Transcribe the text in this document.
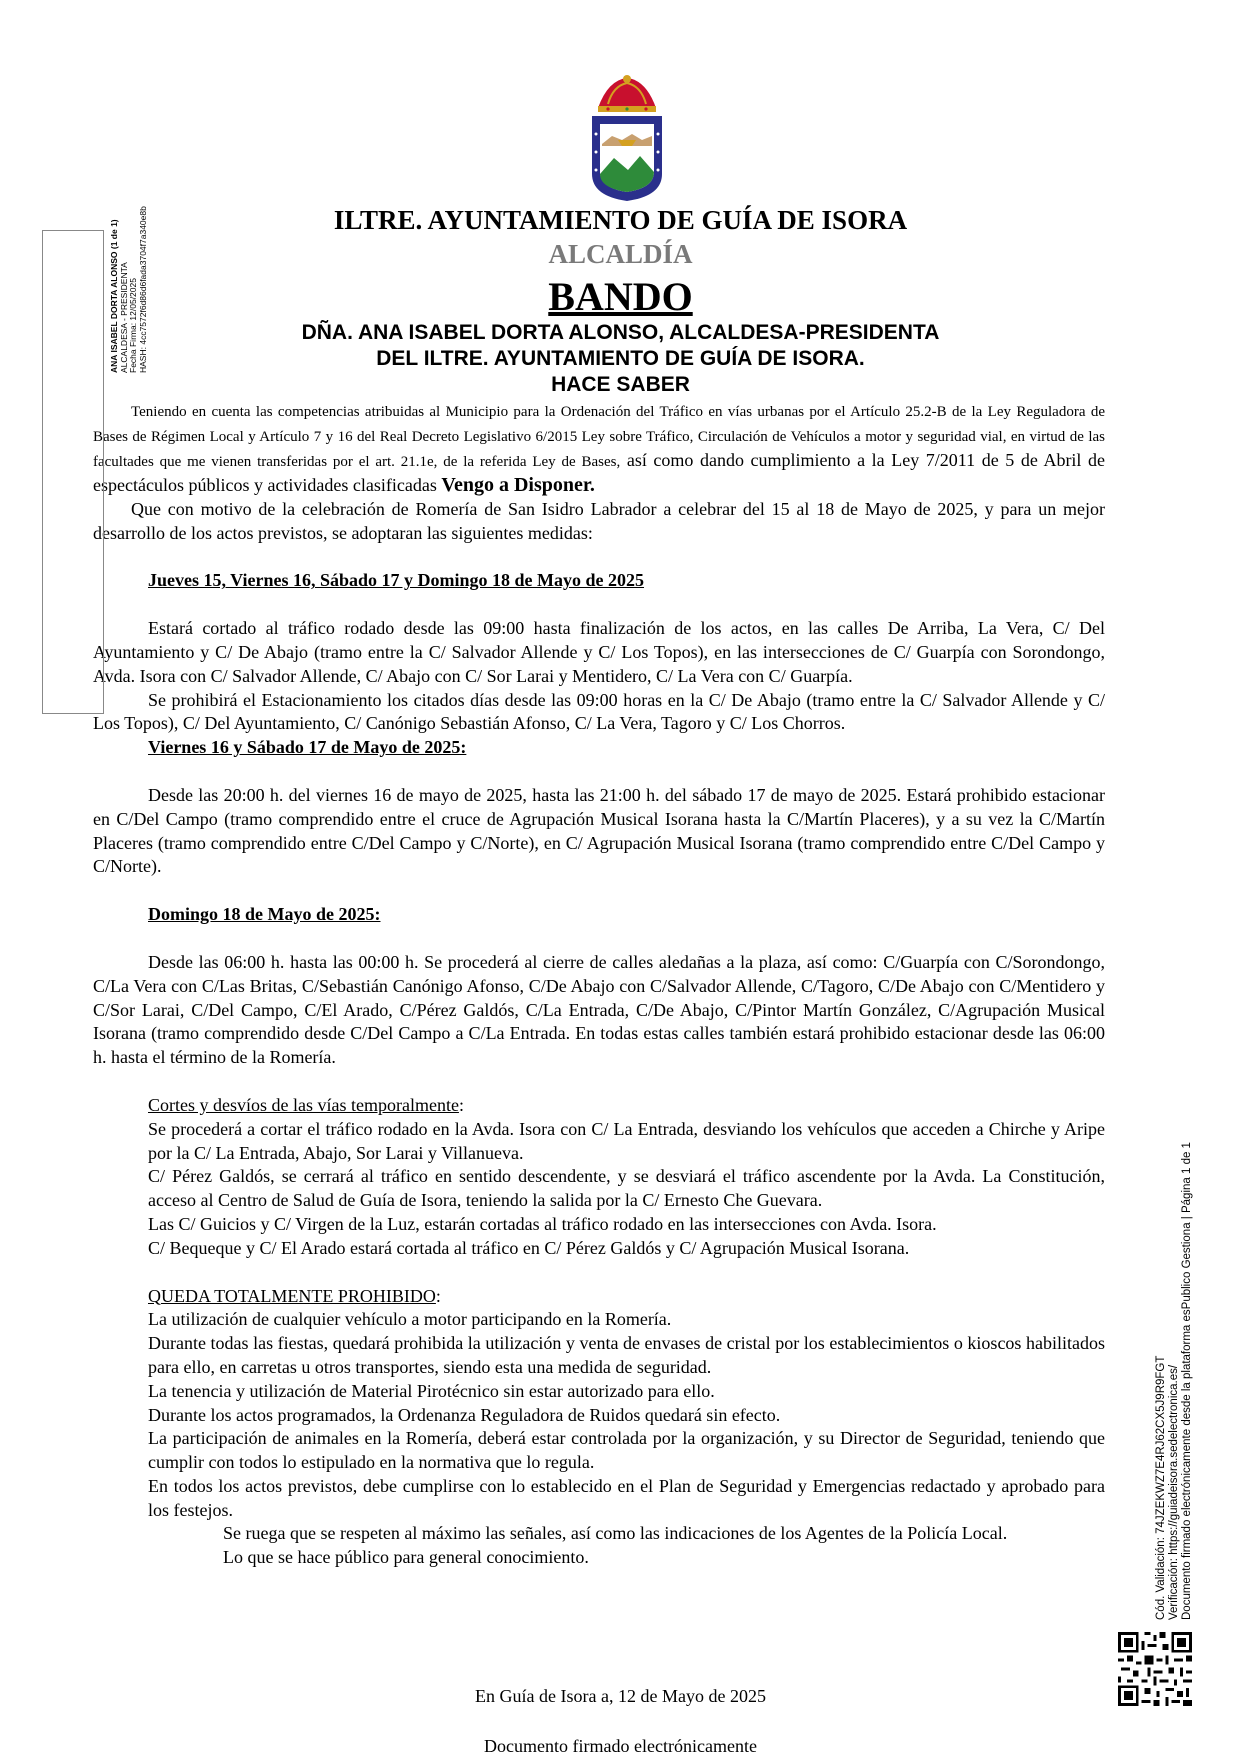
ILTRE. AYUNTAMIENTO DE GUÍA DE ISORA

ALCALDÍA

BANDO

DÑA. ANA ISABEL DORTA ALONSO, ALCALDESA-PRESIDENTA

DEL ILTRE. AYUNTAMIENTO DE GUÍA DE ISORA.

HACE SABER

Teniendo en cuenta las competencias atribuidas al Municipio para la Ordenación del Tráfico en vías urbanas por el Artículo 25.2-B de la Ley Reguladora de Bases de Régimen Local y Artículo 7 y 16 del Real Decreto Legislativo 6/2015 Ley sobre Tráfico, Circulación de Vehículos a motor y seguridad vial, en virtud de las facultades que me vienen transferidas por el art. 21.1e, de la referida Ley de Bases, así como dando cumplimiento a la Ley 7/2011 de 5 de Abril de espectáculos públicos y actividades clasificadas Vengo a Disponer.

Que con motivo de la celebración de Romería de San Isidro Labrador a celebrar del 15 al 18 de Mayo de 2025, y para un mejor desarrollo de los actos previstos, se adoptaran las siguientes medidas:

Jueves 15, Viernes 16, Sábado 17 y Domingo 18 de Mayo de 2025

Estará cortado al tráfico rodado desde las 09:00 hasta finalización de los actos, en las calles De Arriba, La Vera, C/ Del Ayuntamiento y C/ De Abajo (tramo entre la C/ Salvador Allende y C/ Los Topos), en las intersecciones de C/ Guarpía con Sorondongo, Avda. Isora con C/ Salvador Allende, C/ Abajo con C/ Sor Larai y Mentidero, C/ La Vera con C/ Guarpía.

Se prohibirá el Estacionamiento los citados días desde las 09:00 horas en la C/ De Abajo (tramo entre la C/ Salvador Allende y C/ Los Topos), C/ Del Ayuntamiento, C/ Canónigo Sebastián Afonso, C/ La Vera, Tagoro y C/ Los Chorros.

Viernes 16 y Sábado 17 de Mayo de 2025:

Desde las 20:00 h. del viernes 16 de mayo de 2025, hasta las 21:00 h. del sábado 17 de mayo de 2025. Estará prohibido estacionar en C/Del Campo (tramo comprendido entre el cruce de Agrupación Musical Isorana hasta la C/Martín Placeres), y a su vez la C/Martín Placeres (tramo comprendido entre C/Del Campo y C/Norte), en C/ Agrupación Musical Isorana (tramo comprendido entre C/Del Campo y C/Norte).

Domingo 18 de Mayo de 2025:

Desde las 06:00 h. hasta las 00:00 h. Se procederá al cierre de calles aledañas a la plaza, así como: C/Guarpía con C/Sorondongo, C/La Vera con C/Las Britas, C/Sebastián Canónigo Afonso, C/De Abajo con C/Salvador Allende, C/Tagoro, C/De Abajo con C/Mentidero y C/Sor Larai, C/Del Campo, C/El Arado, C/Pérez Galdós, C/La Entrada, C/De Abajo, C/Pintor Martín González, C/Agrupación Musical Isorana (tramo comprendido desde C/Del Campo a C/La Entrada. En todas estas calles también estará prohibido estacionar desde las 06:00 h. hasta el término de la Romería.

Cortes y desvíos de las vías temporalmente:

Se procederá a cortar el tráfico rodado en la Avda. Isora con C/ La Entrada, desviando los vehículos que acceden a Chirche y Aripe por la C/ La Entrada, Abajo, Sor Larai y Villanueva.

C/ Pérez Galdós, se cerrará al tráfico en sentido descendente, y se desviará el tráfico ascendente por la Avda. La Constitución, acceso al Centro de Salud de Guía de Isora, teniendo la salida por la C/ Ernesto Che Guevara.

Las C/ Guicios y C/ Virgen de la Luz, estarán cortadas al tráfico rodado en las intersecciones con Avda. Isora.

C/ Bequeque y C/ El Arado estará cortada al tráfico en C/ Pérez Galdós y C/ Agrupación Musical Isorana.

QUEDA TOTALMENTE PROHIBIDO:

La utilización de cualquier vehículo a motor participando en la Romería.

Durante todas las fiestas, quedará prohibida la utilización y venta de envases de cristal por los establecimientos o kioscos habilitados para ello, en carretas u otros transportes, siendo esta una medida de seguridad.

La tenencia y utilización de Material Pirotécnico sin estar autorizado para ello.

Durante los actos programados, la Ordenanza Reguladora de Ruidos quedará sin efecto.

La participación de animales en la Romería, deberá estar controlada por la organización, y su Director de Seguridad, teniendo que cumplir con todos lo estipulado en la normativa que lo regula.

En todos los actos previstos, debe cumplirse con lo establecido en el Plan de Seguridad y Emergencias redactado y aprobado para los festejos.

Se ruega que se respeten al máximo las señales, así como las indicaciones de los Agentes de la Policía Local.

Lo que se hace público para general conocimiento.

En Guía de Isora a, 12 de Mayo de 2025

Documento firmado electrónicamente

ANA ISABEL DORTA ALONSO (1 de 1) ALCALDESA - PRESIDENTA Fecha Firma: 12/05/2025 HASH: 4cc7572f6d86d6fada3704f7a340e8b
Cód. Validación: 74JZEKWZ7E4RJ62CX5J9R9FGT Verificación: https://guiadeisora.sedelectronica.es/ Documento firmado electrónicamente desde la plataforma esPublico Gestiona | Página 1 de 1
